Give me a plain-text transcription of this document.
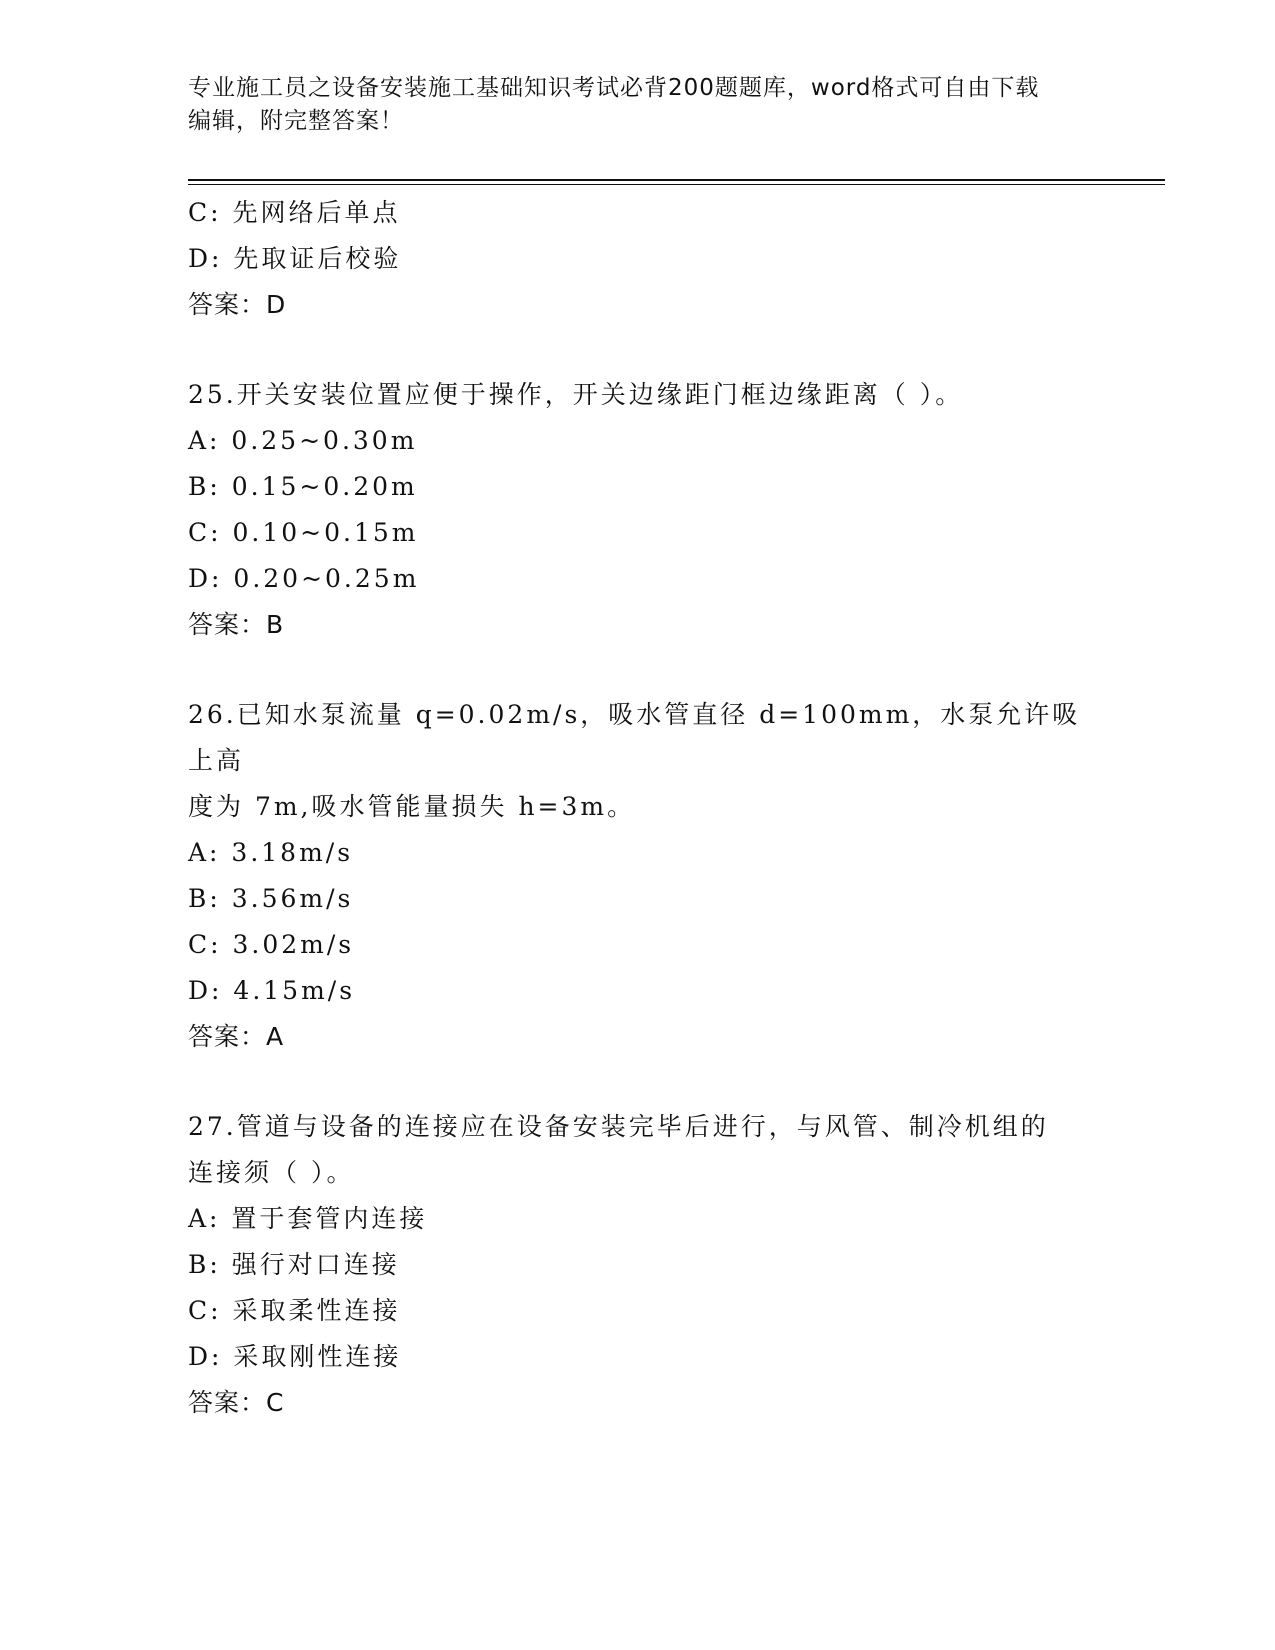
专业施工员之设备安装施工基础知识考试必背200题题库，word格式可自由下载
编辑，附完整答案！
C: 先网络后单点
D: 先取证后校验
答案：D
25.开关安装位置应便于操作，开关边缘距门框边缘距离（ ）。
A: 0.25~0.30m
B: 0.15~0.20m
C: 0.10~0.15m
D: 0.20~0.25m
答案：B
26.已知水泵流量 q=0.02m/s，吸水管直径 d=100mm，水泵允许吸上高
度为 7m,吸水管能量损失 h=3m。
A: 3.18m/s
B: 3.56m/s
C: 3.02m/s
D: 4.15m/s
答案：A
27.管道与设备的连接应在设备安装完毕后进行，与风管、制冷机组的
连接须（ ）。
A: 置于套管内连接
B: 强行对口连接
C: 采取柔性连接
D: 采取刚性连接
答案：C
